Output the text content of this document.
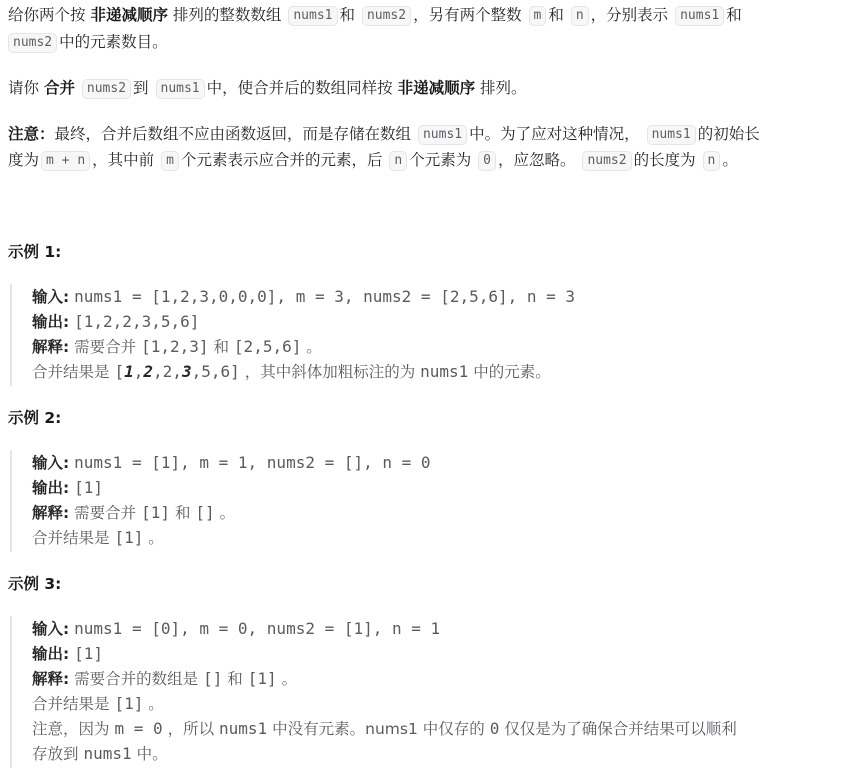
给你两个按 非递减顺序 排列的整数数组 nums1 和 nums2 ，另有两个整数 m 和 n ，分别表示 nums1 和
nums2 中的元素数目。
请你 合并 nums2 到 nums1 中，使合并后的数组同样按 非递减顺序 排列。
注意：最终，合并后数组不应由函数返回，而是存储在数组 nums1 中。为了应对这种情况， nums1 的初始长
度为 m + n ，其中前 m 个元素表示应合并的元素，后 n 个元素为 0 ，应忽略。 nums2 的长度为 n 。
示例 1:
输入: nums1 = [1,2,3,0,0,0], m = 3, nums2 = [2,5,6], n = 3
输出: [1,2,2,3,5,6]
解释: 需要合并 [1,2,3] 和 [2,5,6] 。
合并结果是 [1,2,2,3,5,6] ，其中斜体加粗标注的为 nums1 中的元素。
示例 2:
输入: nums1 = [1], m = 1, nums2 = [], n = 0
输出: [1]
解释: 需要合并 [1] 和 [] 。
合并结果是 [1] 。
示例 3:
输入: nums1 = [0], m = 0, nums2 = [1], n = 1
输出: [1]
解释: 需要合并的数组是 [] 和 [1] 。
合并结果是 [1] 。
注意，因为 m = 0 ，所以 nums1 中没有元素。nums1 中仅存的 0 仅仅是为了确保合并结果可以顺利
存放到 nums1 中。
